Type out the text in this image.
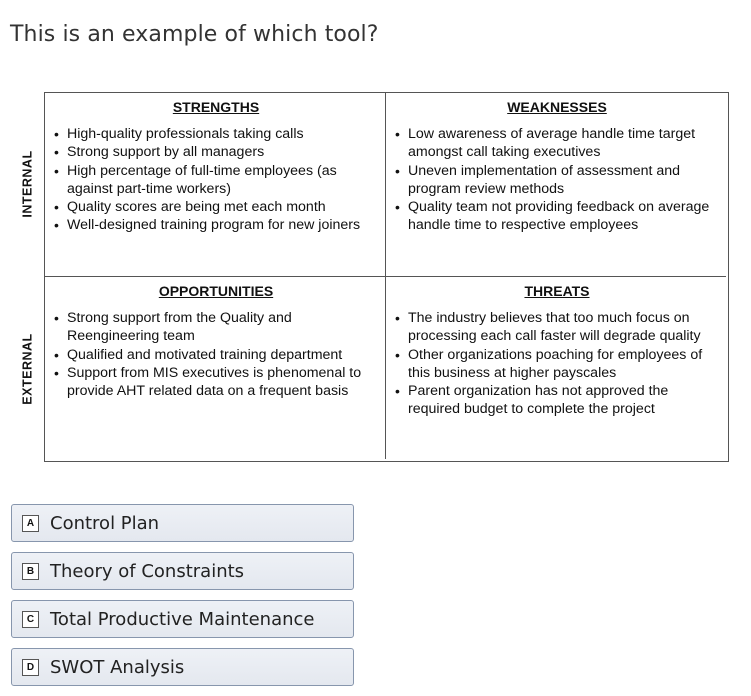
This is an example of which tool?
INTERNAL
EXTERNAL
STRENGTHS
• High-quality professionals taking calls
• Strong support by all managers
• High percentage of full-time employees (as against part-time workers)
• Quality scores are being met each month
• Well-designed training program for new joiners
WEAKNESSES
• Low awareness of average handle time target amongst call taking executives
• Uneven implementation of assessment and program review methods
• Quality team not providing feedback on average handle time to respective employees
OPPORTUNITIES
• Strong support from the Quality and Reengineering team
• Qualified and motivated training department
• Support from MIS executives is phenomenal to provide AHT related data on a frequent basis
THREATS
• The industry believes that too much focus on processing each call faster will degrade quality
• Other organizations poaching for employees of this business at higher payscales
• Parent organization has not approved the required budget to complete the project
A Control Plan
B Theory of Constraints
C Total Productive Maintenance
D SWOT Analysis
